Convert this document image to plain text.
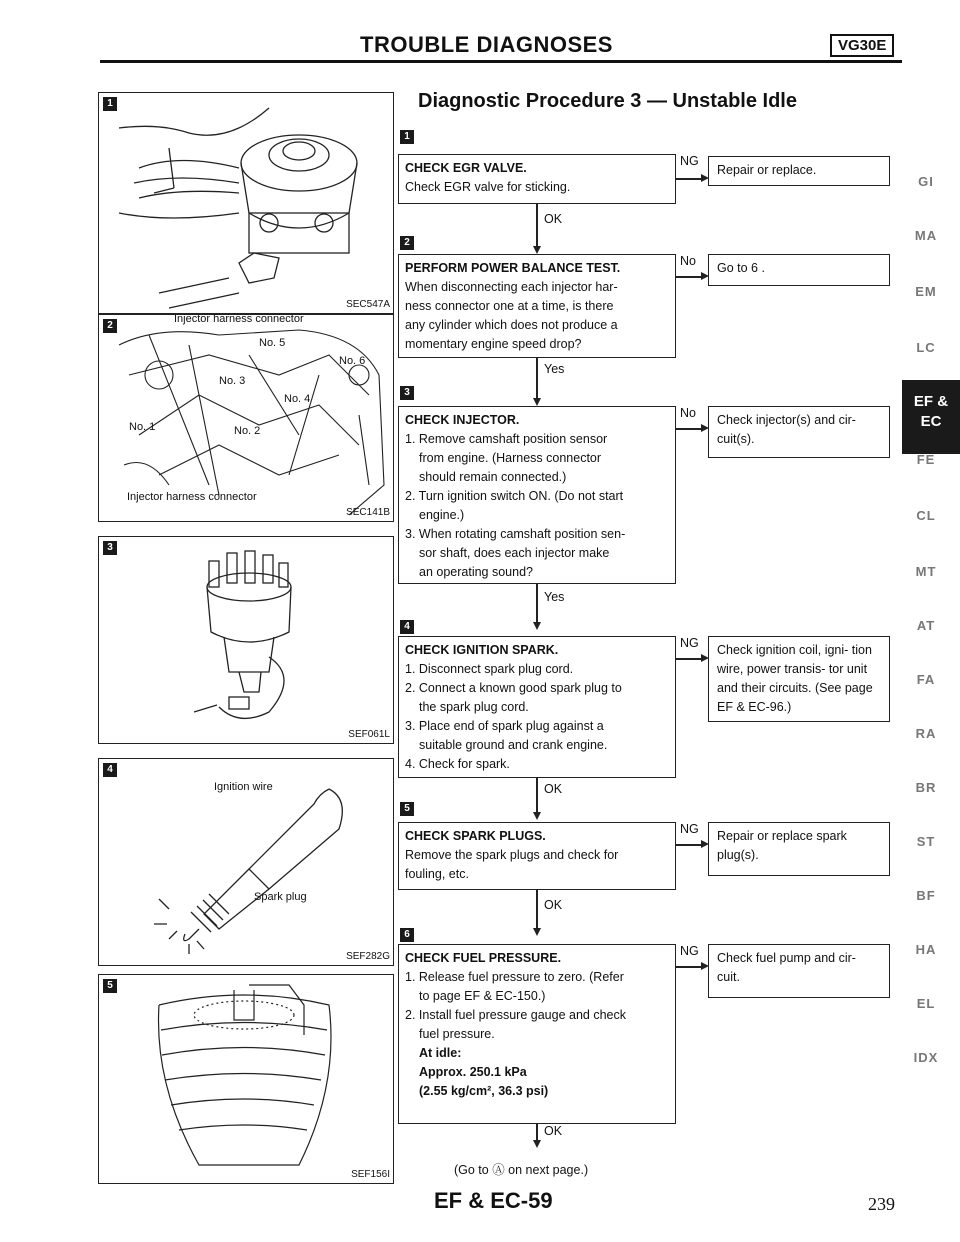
TROUBLE DIAGNOSES	VG30E
1
SEC547A
2
Injector harness connector
No. 5
No. 6
No. 3
No. 4
No. 1	No. 2
Injector harness connector
SEC141B
3
SEF061L
4
Ignition wire
Spark plug
SEF282G
5
SEF156I
Diagnostic Procedure 3 — Unstable Idle
1
CHECK EGR VALVE.
Check EGR valve for sticking.
NG
Repair or replace.
OK
2
PERFORM POWER BALANCE TEST.
When disconnecting each injector har-
ness connector one at a time, is there
any cylinder which does not produce a
momentary engine speed drop?
No	Go to 6 .
Yes
3
CHECK INJECTOR.
1. Remove camshaft position sensor
from engine. (Harness connector
should remain connected.)
2. Turn ignition switch ON. (Do not start
engine.)
3. When rotating camshaft position sen-
sor shaft, does each injector make
an operating sound?
No	Check injector(s) and cir- cuit(s).
Yes
4
CHECK IGNITION SPARK.
1. Disconnect spark plug cord.
2. Connect a known good spark plug to
the spark plug cord.
3. Place end of spark plug against a
suitable ground and crank engine.
4. Check for spark.
NG	Check ignition coil, igni- tion wire, power transis- tor unit and their circuits. (See page EF & EC-96.)
OK
5
CHECK SPARK PLUGS.
Remove the spark plugs and check for
fouling, etc.
NG	Repair or replace spark plug(s).
OK
6
CHECK FUEL PRESSURE.
1. Release fuel pressure to zero. (Refer
to page EF & EC-150.)
2. Install fuel pressure gauge and check
fuel pressure.
At idle:
Approx. 250.1 kPa
(2.55 kg/cm², 36.3 psi)
NG	Check fuel pump and cir- cuit.
OK
(Go to Ⓐ on next page.)
GI
MA
EM
LC
EF &
EC
FE
CL
MT
AT
FA
RA
BR
ST
BF
HA
EL
IDX
EF & EC-59	239
